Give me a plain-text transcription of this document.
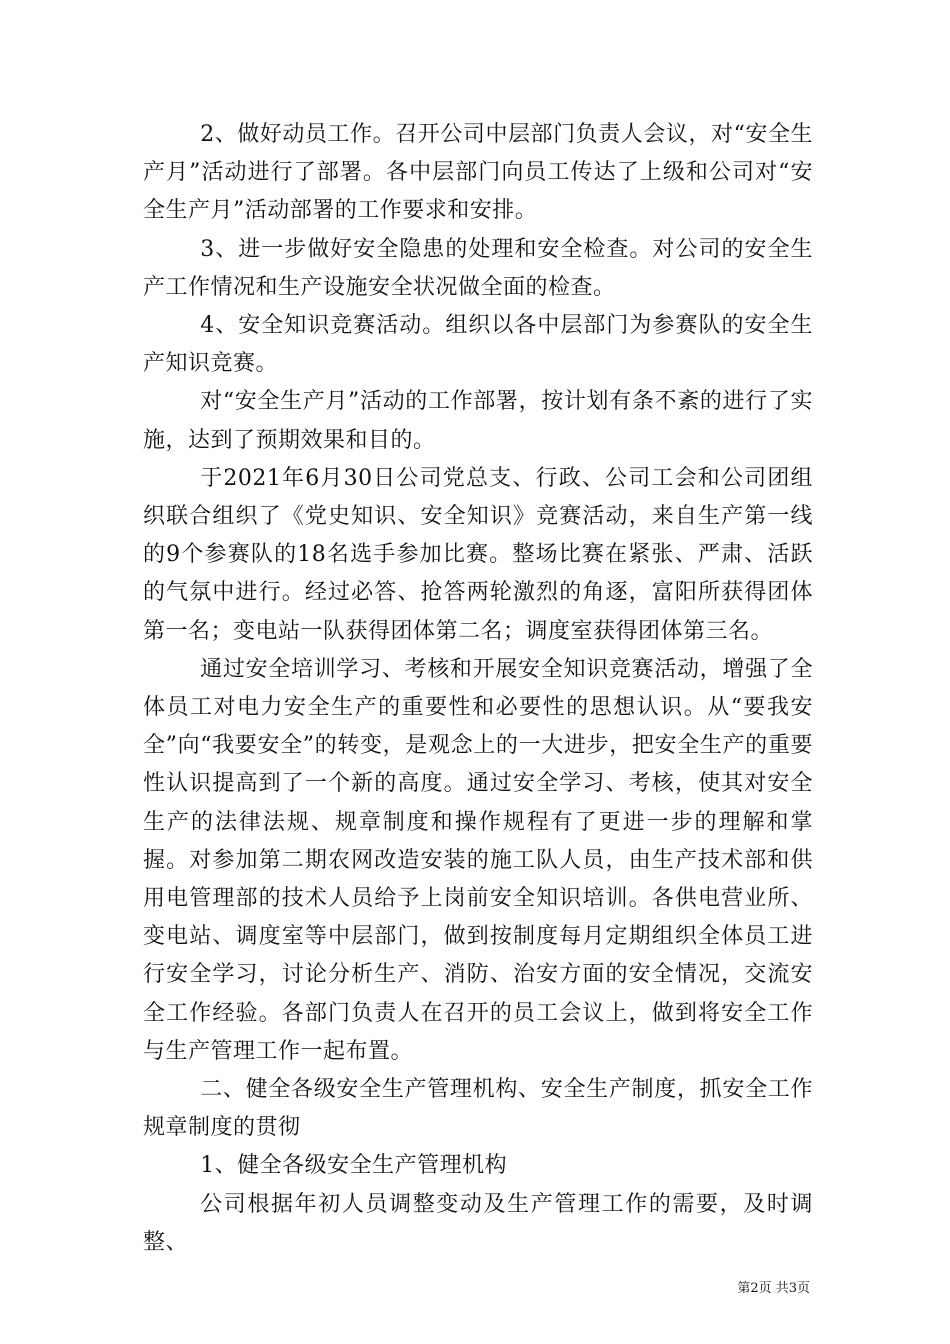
2、做好动员工作。召开公司中层部门负责人会议，对“安全生产月”活动进行了部署。各中层部门向员工传达了上级和公司对“安全生产月”活动部署的工作要求和安排。

3、进一步做好安全隐患的处理和安全检查。对公司的安全生产工作情况和生产设施安全状况做全面的检查。

4、安全知识竞赛活动。组织以各中层部门为参赛队的安全生产知识竞赛。

对“安全生产月”活动的工作部署，按计划有条不紊的进行了实施，达到了预期效果和目的。

于2021年6月30日公司党总支、行政、公司工会和公司团组织联合组织了《党史知识、安全知识》竞赛活动，来自生产第一线的9个参赛队的18名选手参加比赛。整场比赛在紧张、严肃、活跃的气氛中进行。经过必答、抢答两轮激烈的角逐，富阳所获得团体第一名；变电站一队获得团体第二名；调度室获得团体第三名。

通过安全培训学习、考核和开展安全知识竞赛活动，增强了全体员工对电力安全生产的重要性和必要性的思想认识。从“要我安全”向“我要安全”的转变，是观念上的一大进步，把安全生产的重要性认识提高到了一个新的高度。通过安全学习、考核，使其对安全生产的法律法规、规章制度和操作规程有了更进一步的理解和掌握。对参加第二期农网改造安装的施工队人员，由生产技术部和供用电管理部的技术人员给予上岗前安全知识培训。各供电营业所、变电站、调度室等中层部门，做到按制度每月定期组织全体员工进行安全学习，讨论分析生产、消防、治安方面的安全情况，交流安全工作经验。各部门负责人在召开的员工会议上，做到将安全工作与生产管理工作一起布置。

二、健全各级安全生产管理机构、安全生产制度，抓安全工作规章制度的贯彻

1、健全各级安全生产管理机构

公司根据年初人员调整变动及生产管理工作的需要，及时调整、

第2页 共3页
